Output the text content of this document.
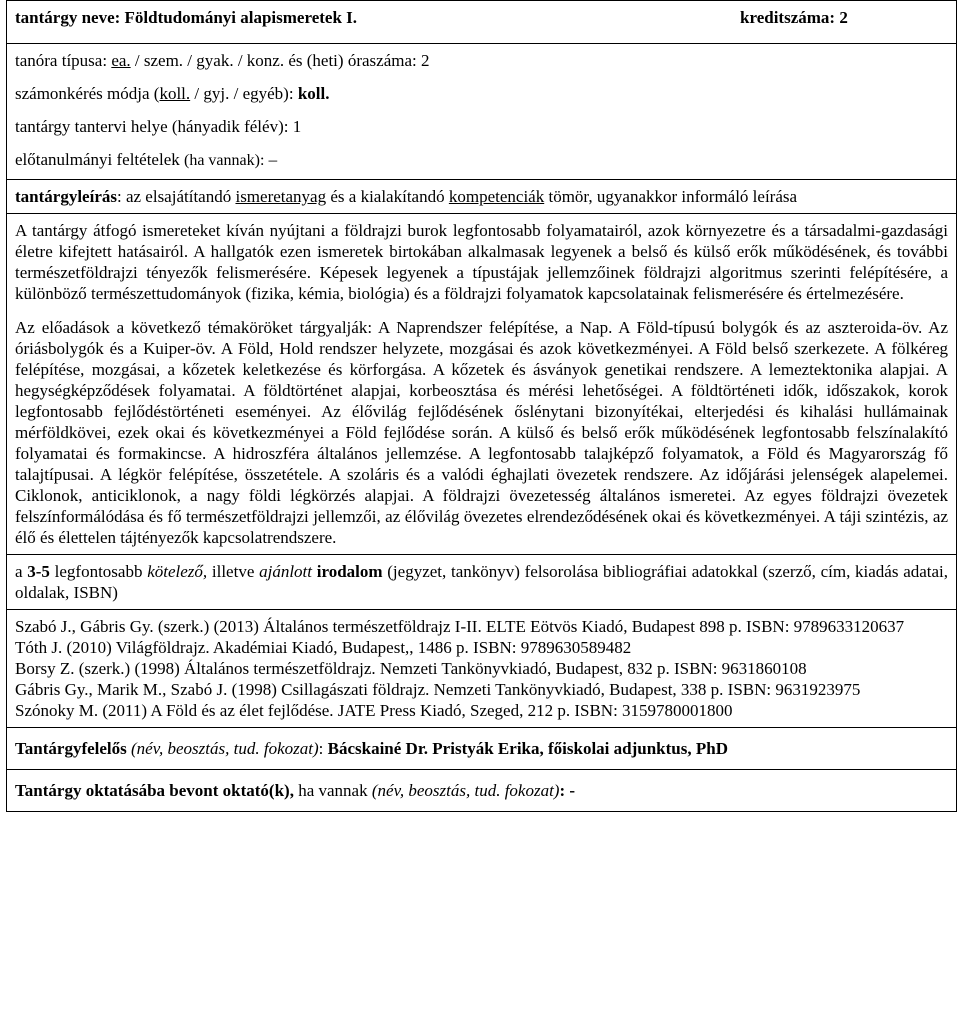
tantárgy neve: Földtudományi alapismeretek I.	kreditszáma: 2

tanóra típusa: ea. / szem. / gyak. / konz. és (heti) óraszáma: 2
számonkérés módja (koll. / gyj. / egyéb): koll.
tantárgy tantervi helye (hányadik félév): 1
előtanulmányi feltételek (ha vannak): –

tantárgyleírás: az elsajátítandó ismeretanyag és a kialakítandó kompetenciák tömör, ugyanakkor informáló leírása

A tantárgy átfogó ismereteket kíván nyújtani a földrajzi burok legfontosabb folyamatairól, azok környezetre és a társadalmi-gazdasági életre kifejtett hatásairól. A hallgatók ezen ismeretek birtokában alkalmasak legyenek a belső és külső erők működésének, és további természetföldrajzi tényezők felismerésére. Képesek legyenek a típustájak jellemzőinek földrajzi algoritmus szerinti felépítésére, a különböző természettudományok (fizika, kémia, biológia) és a földrajzi folyamatok kapcsolatainak felismerésére és értelmezésére.
Az előadások a következő témaköröket tárgyalják: A Naprendszer felépítése, a Nap. A Föld-típusú bolygók és az aszteroida-öv. Az óriásbolygók és a Kuiper-öv. A Föld, Hold rendszer helyzete, mozgásai és azok következményei. A Föld belső szerkezete. A fölkéreg felépítése, mozgásai, a kőzetek keletkezése és körforgása. A kőzetek és ásványok genetikai rendszere. A lemeztektonika alapjai. A hegységképződések folyamatai. A földtörténet alapjai, korbeosztása és mérési lehetőségei. A földtörténeti idők, időszakok, korok legfontosabb fejlődéstörténeti eseményei. Az élővilág fejlődésének őslénytani bizonyítékai, elterjedési és kihalási hullámainak mérföldkövei, ezek okai és következményei a Föld fejlődése során. A külső és belső erők működésének legfontosabb felszínalakító folyamatai és formakincse. A hidroszféra általános jellemzése. A legfontosabb talajképző folyamatok, a Föld és Magyarország fő talajtípusai. A légkör felépítése, összetétele. A szoláris és a valódi éghajlati övezetek rendszere. Az időjárási jelenségek alapelemei. Ciklonok, anticiklonok, a nagy földi légkörzés alapjai. A földrajzi övezetesség általános ismeretei. Az egyes földrajzi övezetek felszínformálódása és fő természetföldrajzi jellemzői, az élővilág övezetes elrendeződésének okai és következményei. A táji szintézis, az élő és élettelen tájtényezők kapcsolatrendszere.

a 3-5 legfontosabb kötelező, illetve ajánlott irodalom (jegyzet, tankönyv) felsorolása bibliográfiai adatokkal (szerző, cím, kiadás adatai, oldalak, ISBN)

Szabó J., Gábris Gy. (szerk.) (2013) Általános természetföldrajz I-II. ELTE Eötvös Kiadó, Budapest 898 p. ISBN: 9789633120637
Tóth J. (2010) Világföldrajz. Akadémiai Kiadó, Budapest,, 1486 p. ISBN: 9789630589482
Borsy Z. (szerk.) (1998) Általános természetföldrajz. Nemzeti Tankönyvkiadó, Budapest, 832 p. ISBN: 9631860108
Gábris Gy., Marik M., Szabó J. (1998) Csillagászati földrajz. Nemzeti Tankönyvkiadó, Budapest, 338 p. ISBN: 9631923975
Szónoky M. (2011) A Föld és az élet fejlődése. JATE Press Kiadó, Szeged, 212 p. ISBN: 3159780001800

Tantárgyfelelős (név, beosztás, tud. fokozat): Bácskainé Dr. Pristyák Erika, főiskolai adjunktus, PhD
Tantárgy oktatásába bevont oktató(k), ha vannak (név, beosztás, tud. fokozat): -
